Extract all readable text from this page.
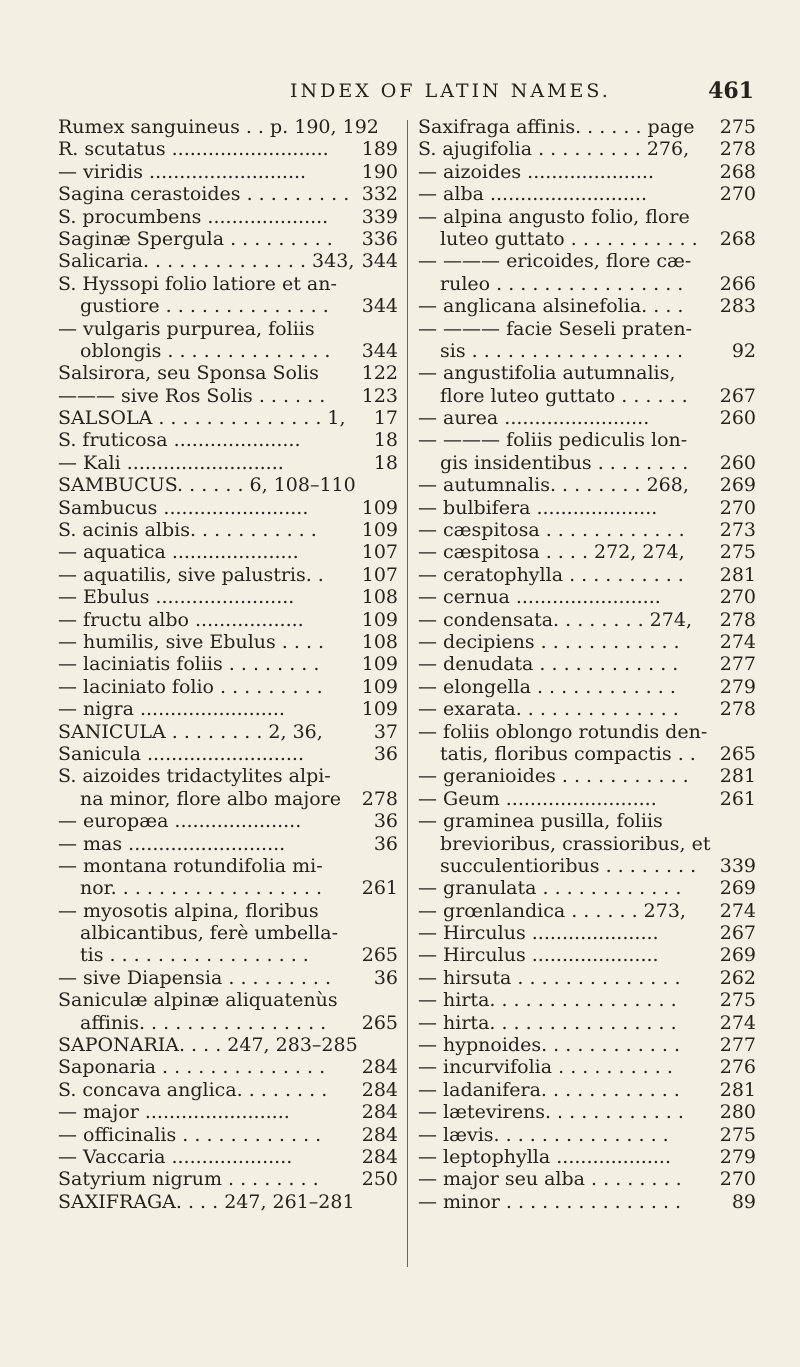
INDEX OF LATIN NAMES.	461
Rumex sanguineus . . p. 190, 192
R. scutatus .......................... 189
— viridis ..........................	190
Sagina cerastoides . . . . . . . . . 332
S. procumbens .................... 339
Saginæ Spergula . . . . . . . . . 336
Salicaria. . . . . . . . . . . . . . 343, 344
S. Hyssopi folio latiore et an-
gustiore . . . . . . . . . . . . . . 344
— vulgaris purpurea, foliis
oblongis . . . . . . . . . . . . . . 344
Salsirora, seu Sponsa Solis 122
——— sive Ros Solis . . . . . . 123
SALSOLA . . . . . . . . . . . . . . 1, 17
S. fruticosa .....................	18
— Kali ..........................	18
SAMBUCUS. . . . . . 6, 108–110
Sambucus ........................	109
S. acinis albis. . . . . . . . . . . 109
— aquatica .....................	107
— aquatilis, sive palustris. . 107
— Ebulus .......................	108
— fructu albo ..................	109
— humilis, sive Ebulus . . . . 108
— laciniatis foliis . . . . . . . . 109
— laciniato folio . . . . . . . . . 109
— nigra ........................	109
SANICULA . . . . . . . . 2, 36,	37
Sanicula ..........................	36
S. aizoides tridactylites alpi-
na minor, flore albo majore 278
— europæa .....................	36
— mas ..........................	36
— montana rotundifolia mi-
nor. . . . . . . . . . . . . . . . . . 261
— myosotis alpina, floribus
albicantibus, ferè umbella-
tis . . . . . . . . . . . . . . . . .	265
— sive Diapensia . . . . . . . . . 36
Saniculæ alpinæ aliquatenùs
affinis. . . . . . . . . . . . . . . . 265
SAPONARIA. . . . 247, 283–285
Saponaria . . . . . . . . . . . . . . 284
S. concava anglica. . . . . . . . 284
— major ........................	284
— officinalis . . . . . . . . . . . . 284
— Vaccaria ....................	284
Satyrium nigrum . . . . . . . . 250
SAXIFRAGA. . . . 247, 261–281
Saxifraga affinis. . . . . . page 275
S. ajugifolia . . . . . . . . . 276, 278
— aizoides .....................	268
— alba ..........................	270
— alpina angusto folio, flore
luteo guttato . . . . . . . . . . . 268
— ——— ericoides, flore cæ-
ruleo . . . . . . . . . . . . . . . . 266
— anglicana alsinefolia. . . . 283
— ——— facie Seseli praten-
sis . . . . . . . . . . . . . . . . . .	92
— angustifolia autumnalis,
flore luteo guttato . . . . . . 267
— aurea ........................	260
— ——— foliis pediculis lon-
gis insidentibus . . . . . . . . 260
— autumnalis. . . . . . . . 268, 269
— bulbifera ....................	270
— cæspitosa . . . . . . . . . . . . 273
— cæspitosa . . . . 272, 274, 275
— ceratophylla . . . . . . . . . . 281
— cernua ........................	270
— condensata. . . . . . . . 274, 278
— decipiens . . . . . . . . . . . . 274
— denudata . . . . . . . . . . . . 277
— elongella . . . . . . . . . . . . 279
— exarata. . . . . . . . . . . . . . 278
— foliis oblongo rotundis den-
tatis, floribus compactis . . 265
— geranioides . . . . . . . . . . . 281
— Geum .........................	261
— graminea pusilla, foliis
brevioribus, crassioribus, et
succulentioribus . . . . . . . . 339
— granulata . . . . . . . . . . . . 269
— grœnlandica . . . . . . 273, 274
— Hirculus .....................	267
— Hirculus .....................	269
— hirsuta . . . . . . . . . . . . . . 262
— hirta. . . . . . . . . . . . . . . . 275
— hirta. . . . . . . . . . . . . . . . 274
— hypnoides. . . . . . . . . . . . 277
— incurvifolia . . . . . . . . . . 276
— ladanifera. . . . . . . . . . . . 281
— lætevirens. . . . . . . . . . . . 280
— lævis. . . . . . . . . . . . . . .	275
— leptophylla ...................	279
— major seu alba . . . . . . . . 270
— minor . . . . . . . . . . . . . . .	89
